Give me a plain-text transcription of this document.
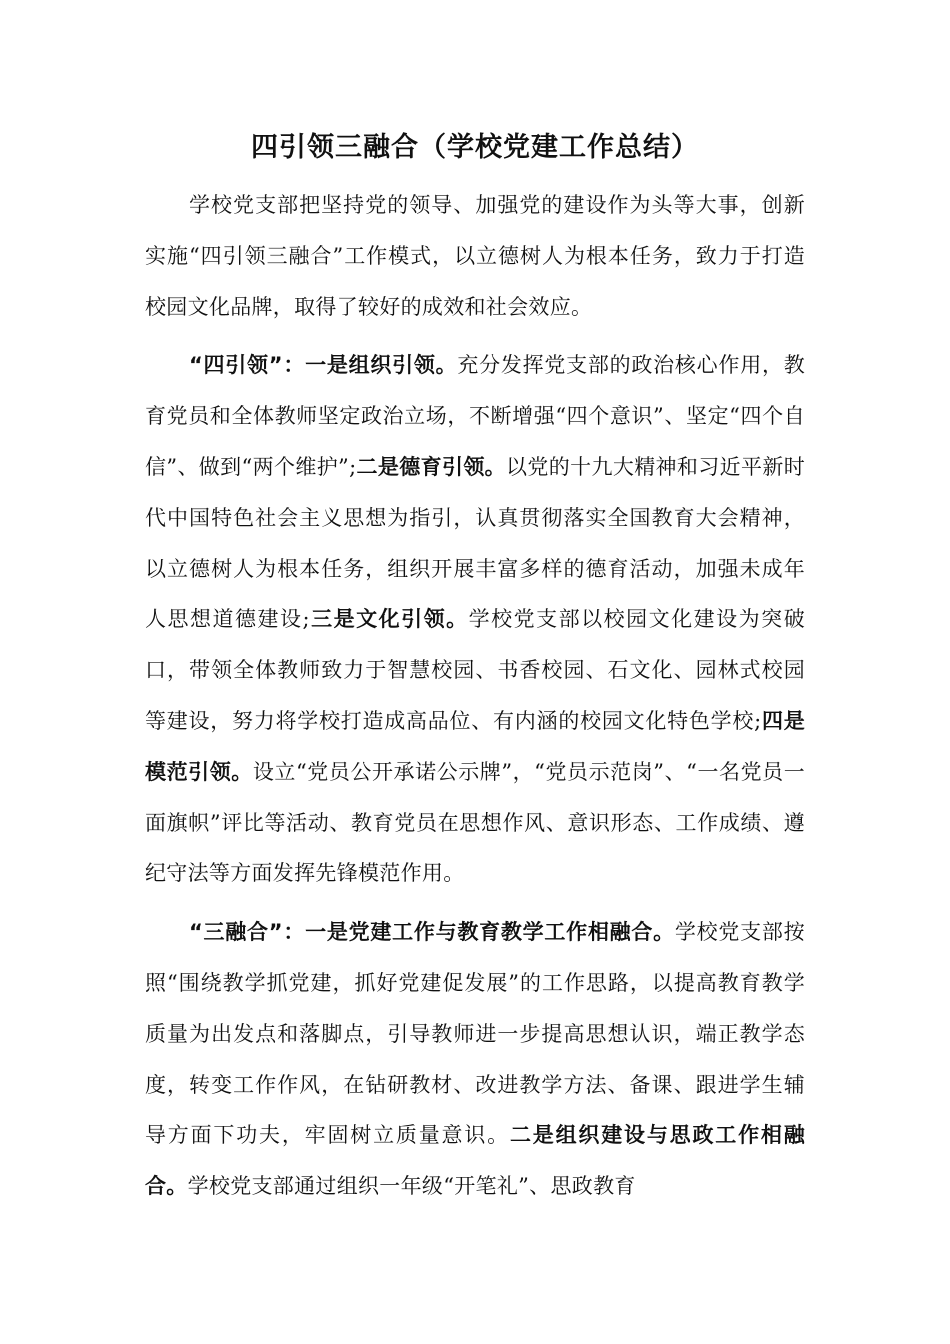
四引领三融合（学校党建工作总结）

学校党支部把坚持党的领导、加强党的建设作为头等大事，创新实施“四引领三融合”工作模式，以立德树人为根本任务，致力于打造校园文化品牌，取得了较好的成效和社会效应。

“四引领”：一是组织引领。充分发挥党支部的政治核心作用，教育党员和全体教师坚定政治立场，不断增强“四个意识”、坚定“四个自信”、做到“两个维护”;二是德育引领。以党的十九大精神和习近平新时代中国特色社会主义思想为指引，认真贯彻落实全国教育大会精神，以立德树人为根本任务，组织开展丰富多样的德育活动，加强未成年人思想道德建设;三是文化引领。学校党支部以校园文化建设为突破口，带领全体教师致力于智慧校园、书香校园、石文化、园林式校园等建设，努力将学校打造成高品位、有内涵的校园文化特色学校;四是模范引领。设立“党员公开承诺公示牌”，“党员示范岗”、“一名党员一面旗帜”评比等活动、教育党员在思想作风、意识形态、工作成绩、遵纪守法等方面发挥先锋模范作用。

“三融合”：一是党建工作与教育教学工作相融合。学校党支部按照“围绕教学抓党建，抓好党建促发展”的工作思路，以提高教育教学质量为出发点和落脚点，引导教师进一步提高思想认识，端正教学态度，转变工作作风，在钻研教材、改进教学方法、备课、跟进学生辅导方面下功夫，牢固树立质量意识。二是组织建设与思政工作相融合。学校党支部通过组织一年级“开笔礼”、思政教育
